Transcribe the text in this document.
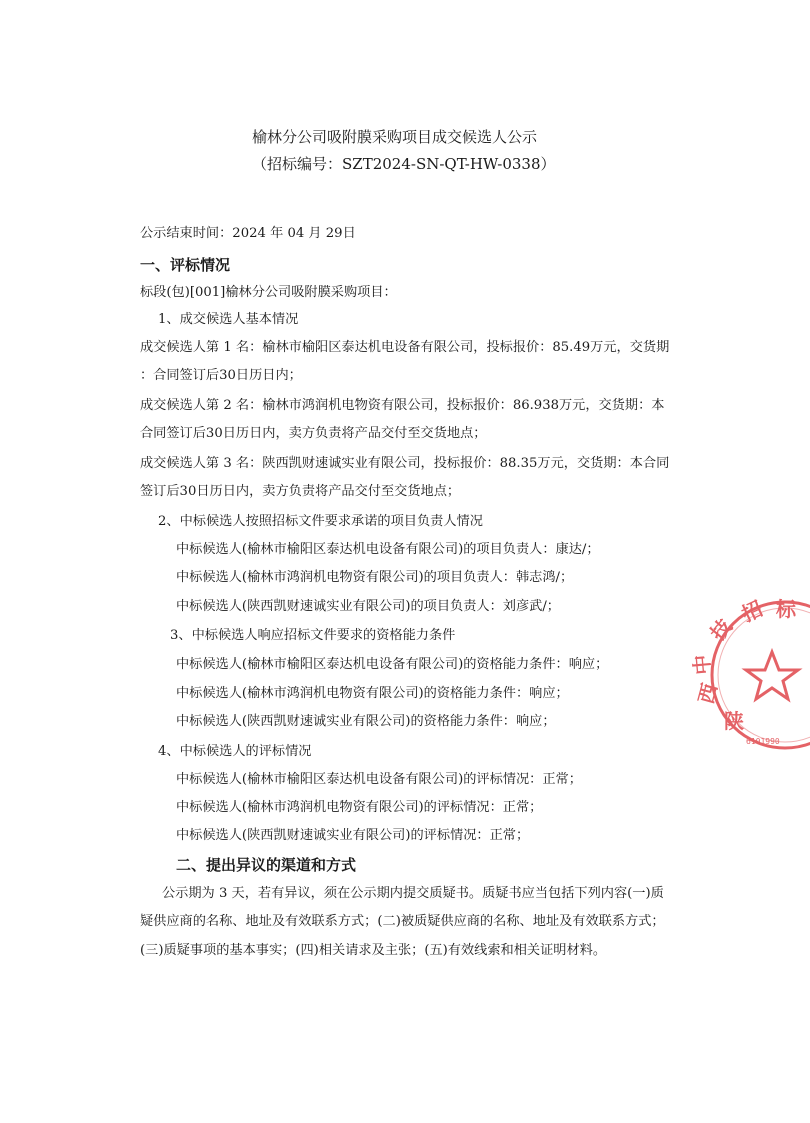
榆林分公司吸附膜采购项目成交候选人公示
（招标编号：SZT2024-SN-QT-HW-0338）
公示结束时间：2024 年 04 月 29日
一、评标情况
标段(包)[001]榆林分公司吸附膜采购项目：
1、成交候选人基本情况
成交候选人第 1 名：榆林市榆阳区泰达机电设备有限公司，投标报价：85.49万元，交货期
：合同签订后30日历日内；
成交候选人第 2 名：榆林市鸿润机电物资有限公司，投标报价：86.938万元，交货期：本
合同签订后30日历日内，卖方负责将产品交付至交货地点；
成交候选人第 3 名：陕西凯财速诚实业有限公司，投标报价：88.35万元，交货期：本合同
签订后30日历日内，卖方负责将产品交付至交货地点；
2、中标候选人按照招标文件要求承诺的项目负责人情况
中标候选人(榆林市榆阳区泰达机电设备有限公司)的项目负责人：康达/；
中标候选人(榆林市鸿润机电物资有限公司)的项目负责人：韩志鸿/；
中标候选人(陕西凯财速诚实业有限公司)的项目负责人：刘彦武/；
3、中标候选人响应招标文件要求的资格能力条件
中标候选人(榆林市榆阳区泰达机电设备有限公司)的资格能力条件：响应；
中标候选人(榆林市鸿润机电物资有限公司)的资格能力条件：响应；
中标候选人(陕西凯财速诚实业有限公司)的资格能力条件：响应；
4、中标候选人的评标情况
中标候选人(榆林市榆阳区泰达机电设备有限公司)的评标情况：正常；
中标候选人(榆林市鸿润机电物资有限公司)的评标情况：正常；
中标候选人(陕西凯财速诚实业有限公司)的评标情况：正常；
二、提出异议的渠道和方式
公示期为 3 天，若有异议，须在公示期内提交质疑书。质疑书应当包括下列内容(一)质
疑供应商的名称、地址及有效联系方式；(二)被质疑供应商的名称、地址及有效联系方式；
(三)质疑事项的基本事实；(四)相关请求及主张；(五)有效线索和相关证明材料。
陕
西
中
技
招 标
6101990
